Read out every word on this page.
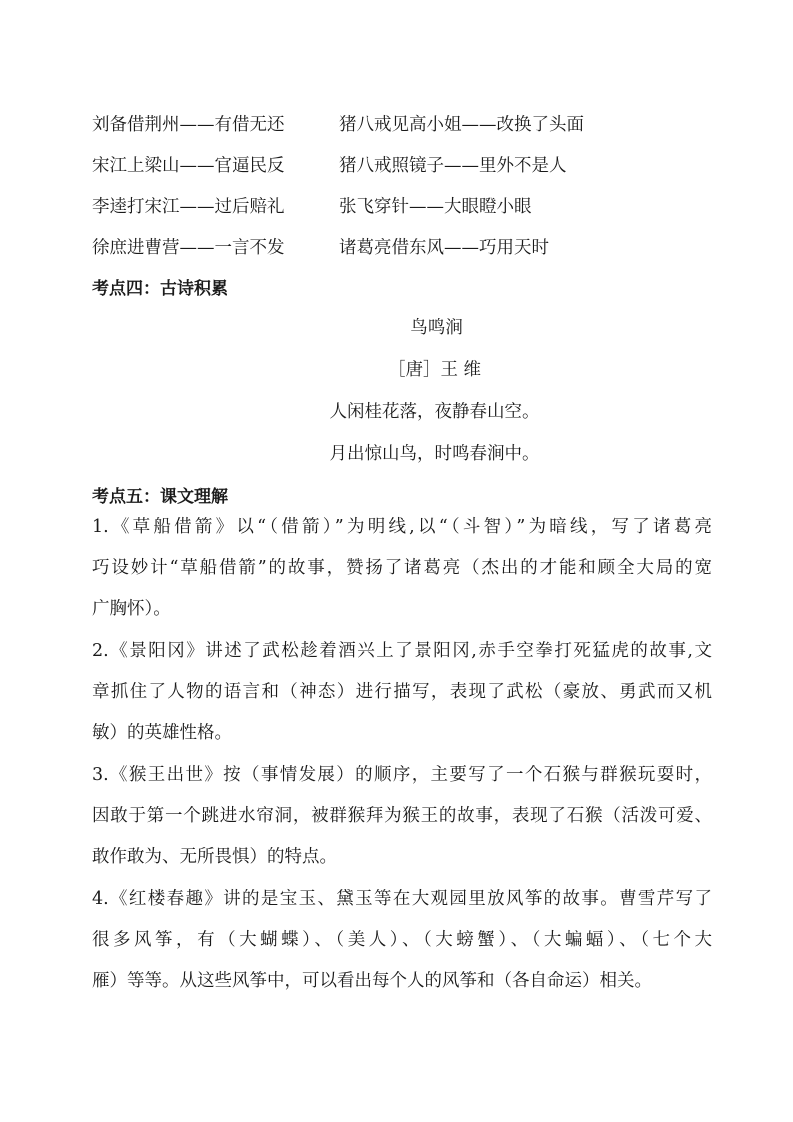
刘备借荆州——有借无还	猪八戒见高小姐——改换了头面
宋江上梁山——官逼民反	猪八戒照镜子——里外不是人
李逵打宋江——过后赔礼	张飞穿针——大眼瞪小眼
徐庶进曹营——一言不发	诸葛亮借东风——巧用天时
考点四：古诗积累
鸟鸣涧
［唐］王 维
人闲桂花落，夜静春山空。
月出惊山鸟，时鸣春涧中。
考点五：课文理解
1.《草船借箭》以“（借箭）”为明线,以“（斗智）”为暗线，写了诸葛亮
巧设妙计“草船借箭”的故事，赞扬了诸葛亮（杰出的才能和顾全大局的宽
广胸怀）。
2.《景阳冈》讲述了武松趁着酒兴上了景阳冈,赤手空拳打死猛虎的故事,文
章抓住了人物的语言和（神态）进行描写，表现了武松（豪放、勇武而又机
敏）的英雄性格。
3.《猴王出世》按（事情发展）的顺序，主要写了一个石猴与群猴玩耍时，
因敢于第一个跳进水帘洞，被群猴拜为猴王的故事，表现了石猴（活泼可爱、
敢作敢为、无所畏惧）的特点。
4.《红楼春趣》讲的是宝玉、黛玉等在大观园里放风筝的故事。曹雪芹写了
很多风筝，有（大蝴蝶）、（美人）、（大螃蟹）、（大蝙蝠）、（七个大
雁）等等。从这些风筝中，可以看出每个人的风筝和（各自命运）相关。
